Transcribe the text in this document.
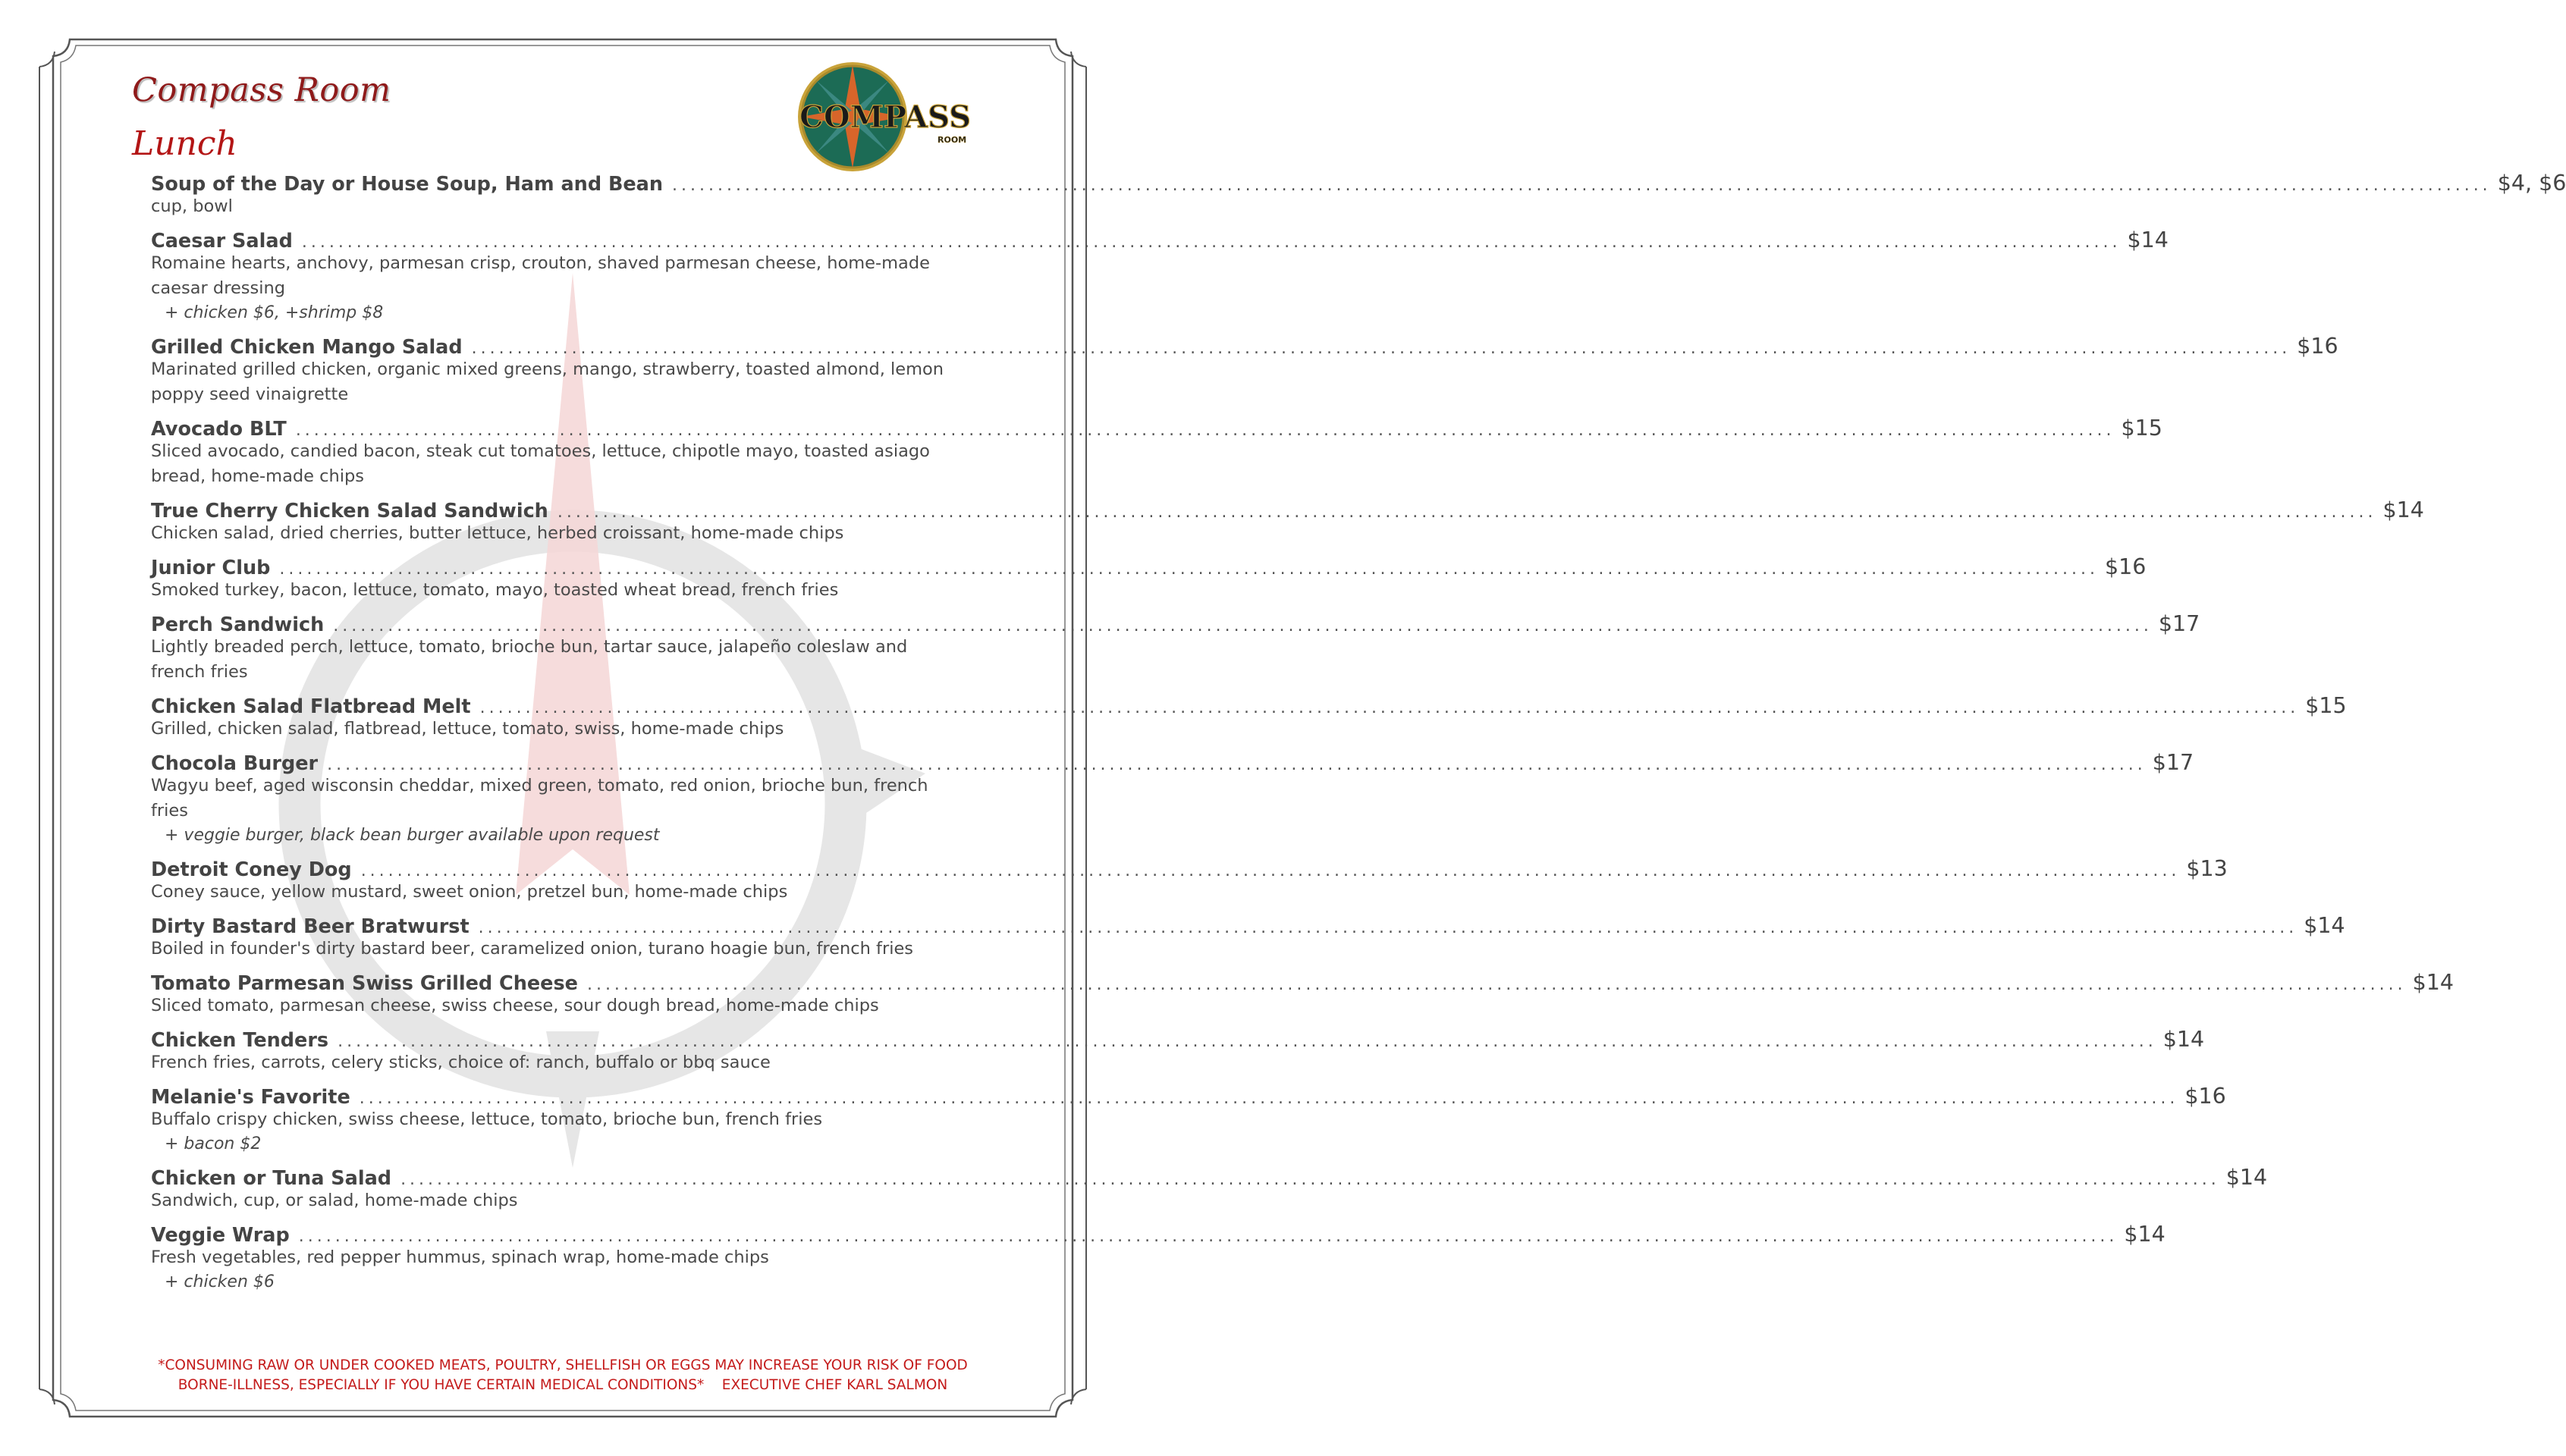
Compass Room
Lunch
COMPASS
ROOM
Soup of the Day or House Soup, Ham and Bean ........................................................................................................................................................................................................ $4, $6
cup, bowl
Caesar Salad ........................................................................................................................................................................................................ $14
Romaine hearts, anchovy, parmesan crisp, crouton, shaved parmesan cheese, home-made caesar dressing
+ chicken $6, +shrimp $8
Grilled Chicken Mango Salad ........................................................................................................................................................................................................ $16
Marinated grilled chicken, organic mixed greens, mango, strawberry, toasted almond, lemon poppy seed vinaigrette
Avocado BLT ........................................................................................................................................................................................................ $15
Sliced avocado, candied bacon, steak cut tomatoes, lettuce, chipotle mayo, toasted asiago bread, home-made chips
True Cherry Chicken Salad Sandwich ........................................................................................................................................................................................................ $14
Chicken salad, dried cherries, butter lettuce, herbed croissant, home-made chips
Junior Club ........................................................................................................................................................................................................ $16
Smoked turkey, bacon, lettuce, tomato, mayo, toasted wheat bread, french fries
Perch Sandwich ........................................................................................................................................................................................................ $17
Lightly breaded perch, lettuce, tomato, brioche bun, tartar sauce, jalapeño coleslaw and french fries
Chicken Salad Flatbread Melt ........................................................................................................................................................................................................ $15
Grilled, chicken salad, flatbread, lettuce, tomato, swiss, home-made chips
Chocola Burger ........................................................................................................................................................................................................ $17
Wagyu beef, aged wisconsin cheddar, mixed green, tomato, red onion, brioche bun, french fries
+ veggie burger, black bean burger available upon request
Detroit Coney Dog ........................................................................................................................................................................................................ $13
Coney sauce, yellow mustard, sweet onion, pretzel bun, home-made chips
Dirty Bastard Beer Bratwurst ........................................................................................................................................................................................................ $14
Boiled in founder's dirty bastard beer, caramelized onion, turano hoagie bun, french fries
Tomato Parmesan Swiss Grilled Cheese ........................................................................................................................................................................................................ $14
Sliced tomato, parmesan cheese, swiss cheese, sour dough bread, home-made chips
Chicken Tenders ........................................................................................................................................................................................................ $14
French fries, carrots, celery sticks, choice of: ranch, buffalo or bbq sauce
Melanie's Favorite ........................................................................................................................................................................................................ $16
Buffalo crispy chicken, swiss cheese, lettuce, tomato, brioche bun, french fries
+ bacon $2
Chicken or Tuna Salad ........................................................................................................................................................................................................ $14
Sandwich, cup, or salad, home-made chips
Veggie Wrap ........................................................................................................................................................................................................ $14
Fresh vegetables, red pepper hummus, spinach wrap, home-made chips
+ chicken $6
*CONSUMING RAW OR UNDER COOKED MEATS, POULTRY, SHELLFISH OR EGGS MAY INCREASE YOUR RISK OF FOOD
BORNE-ILLNESS, ESPECIALLY IF YOU HAVE CERTAIN MEDICAL CONDITIONS* EXECUTIVE CHEF KARL SALMON
